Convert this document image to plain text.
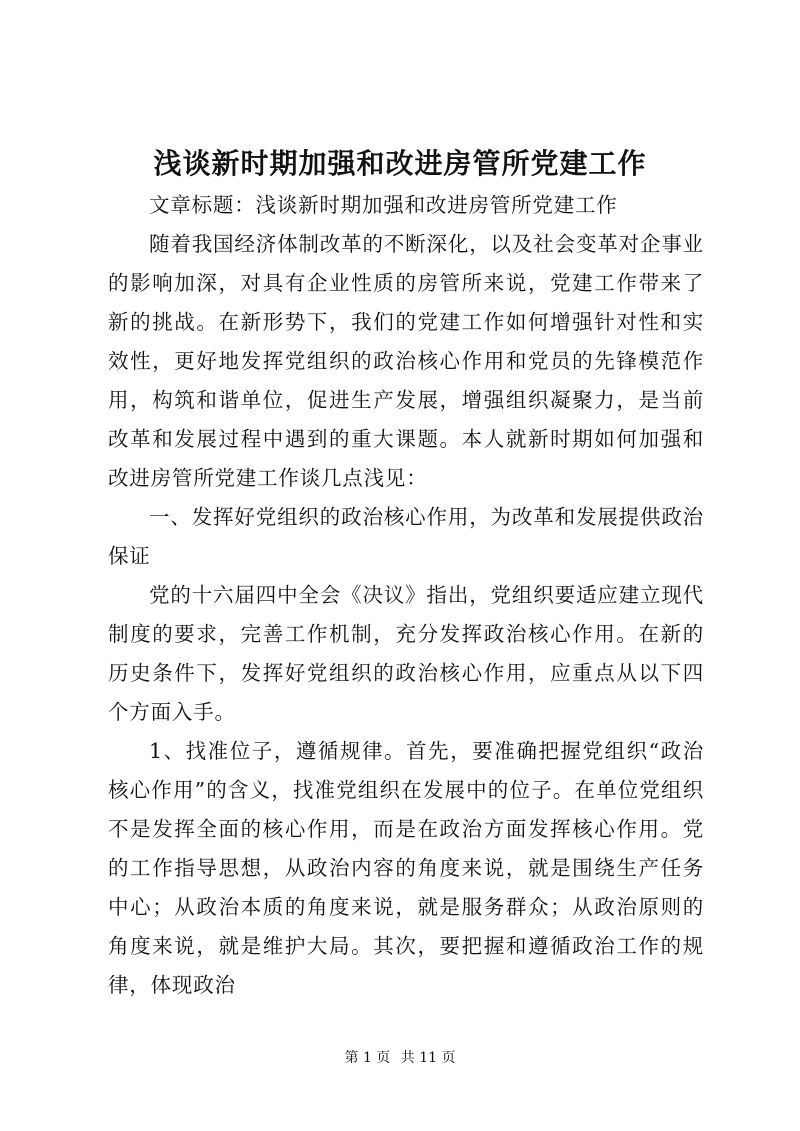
浅谈新时期加强和改进房管所党建工作

文章标题：浅谈新时期加强和改进房管所党建工作

随着我国经济体制改革的不断深化，以及社会变革对企事业的影响加深，对具有企业性质的房管所来说，党建工作带来了新的挑战。在新形势下，我们的党建工作如何增强针对性和实效性，更好地发挥党组织的政治核心作用和党员的先锋模范作用，构筑和谐单位，促进生产发展，增强组织凝聚力，是当前改革和发展过程中遇到的重大课题。本人就新时期如何加强和改进房管所党建工作谈几点浅见：

一、发挥好党组织的政治核心作用，为改革和发展提供政治保证

党的十六届四中全会《决议》指出，党组织要适应建立现代制度的要求，完善工作机制，充分发挥政治核心作用。在新的历史条件下，发挥好党组织的政治核心作用，应重点从以下四个方面入手。

1、找准位子，遵循规律。首先，要准确把握党组织“政治核心作用”的含义，找准党组织在发展中的位子。在单位党组织不是发挥全面的核心作用，而是在政治方面发挥核心作用。党的工作指导思想，从政治内容的角度来说，就是围绕生产任务中心；从政治本质的角度来说，就是服务群众；从政治原则的角度来说，就是维护大局。其次，要把握和遵循政治工作的规律，体现政治

第 1 页 共 11 页
